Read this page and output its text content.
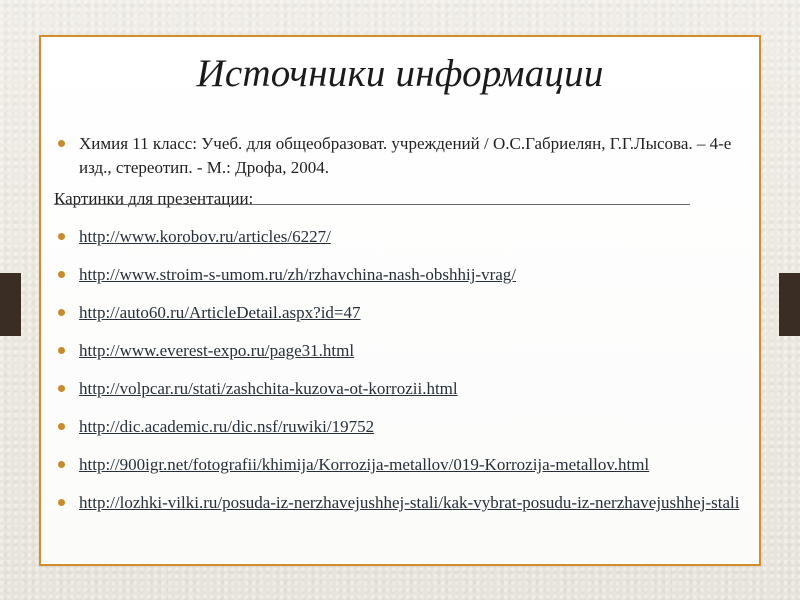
Источники информации
Химия 11 класс: Учеб. для общеобразоват. учреждений / О.С.Габриелян, Г.Г.Лысова. – 4-е изд., стереотип. - М.: Дрофа, 2004.
Картинки для презентации:
http://www.korobov.ru/articles/6227/
http://www.stroim-s-umom.ru/zh/rzhavchina-nash-obshhij-vrag/
http://auto60.ru/ArticleDetail.aspx?id=47
http://www.everest-expo.ru/page31.html
http://volpcar.ru/stati/zashchita-kuzova-ot-korrozii.html
http://dic.academic.ru/dic.nsf/ruwiki/19752
http://900igr.net/fotografii/khimija/Korrozija-metallov/019-Korrozija-metallov.html
http://lozhki-vilki.ru/posuda-iz-nerzhavejushhej-stali/kak-vybrat-posudu-iz-nerzhavejushhej-stali
